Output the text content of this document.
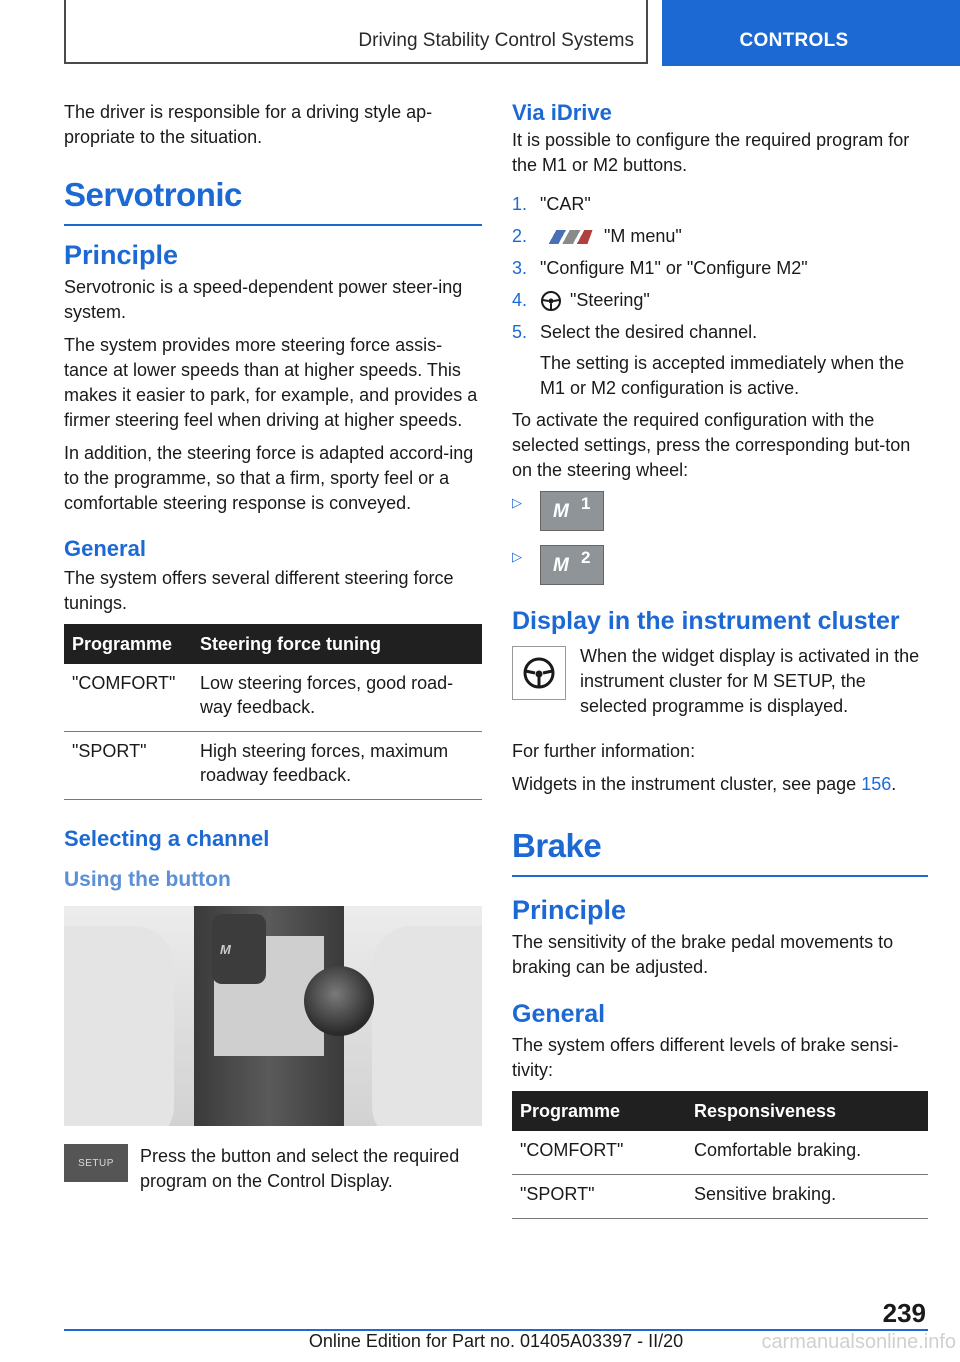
Driving Stability Control Systems	CONTROLS

The driver is responsible for a driving style ap-propriate to the situation.

Servotronic
Principle

Servotronic is a speed-dependent power steer-ing system.

The system provides more steering force assis-tance at lower speeds than at higher speeds. This makes it easier to park, for example, and provides a firmer steering feel when driving at higher speeds.

In addition, the steering force is adapted accord-ing to the programme, so that a firm, sporty feel or a comfortable steering response is conveyed.

General

The system offers several different steering force tunings.

Programme	Steering force tuning
"COMFORT"	Low steering forces, good road-way feedback.
"SPORT"	High steering forces, maximum roadway feedback.
Selecting a channel
Using the button
M
SETUP	Press the button and select the required program on the Control Display.

Via iDrive

It is possible to configure the required program for the M1 or M2 buttons.

1. "CAR"
2.	"M menu"
3. "Configure M1" or "Configure M2"
4. "Steering"
5. Select the desired channel.
The setting is accepted immediately when the M1 or M2 configuration is active.

To activate the required configuration with the selected settings, press the corresponding but-ton on the steering wheel:

▷	M 1
▷	M 2
Display in the instrument cluster

When the widget display is activated in the instrument cluster for M SETUP, the selected programme is displayed.

For further information:

Widgets in the instrument cluster, see page 156.

Brake
Principle

The sensitivity of the brake pedal movements to braking can be adjusted.

General

The system offers different levels of brake sensi-tivity:

Programme	Responsiveness
"COMFORT"	Comfortable braking.
"SPORT"	Sensitive braking.
239
Online Edition for Part no. 01405A03397 - II/20	carmanualsonline.info
